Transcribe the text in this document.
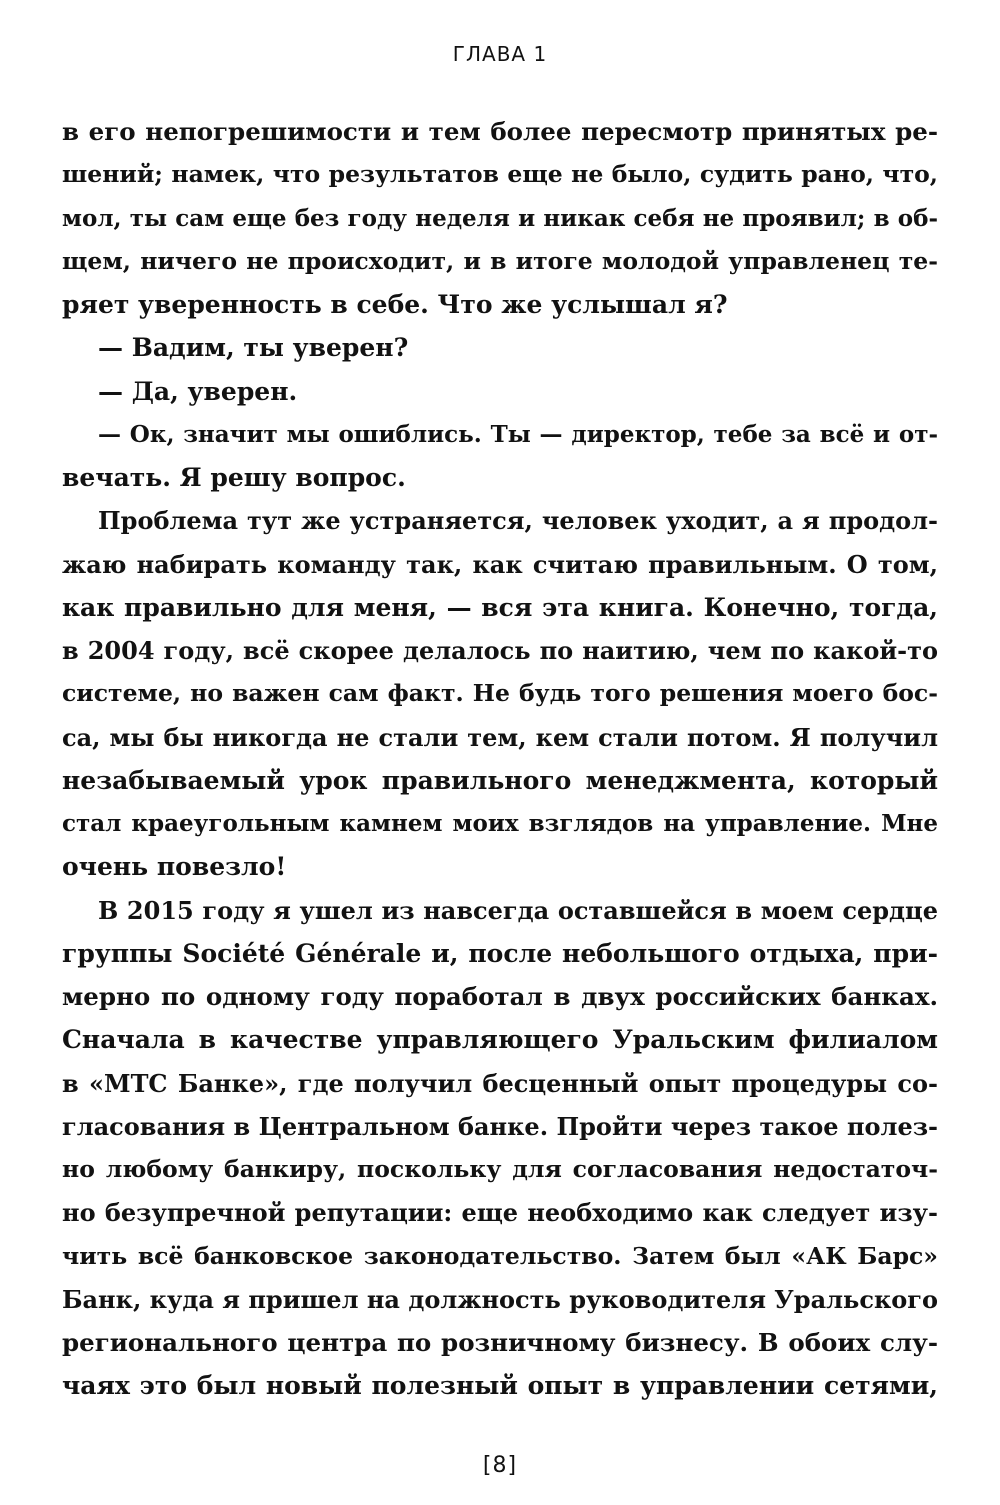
ГЛАВА 1
в его непогрешимости и тем более пересмотр принятых ре-
шений; намек, что результатов еще не было, судить рано, что,
мол, ты сам еще без году неделя и никак себя не проявил; в об-
щем, ничего не происходит, и в итоге молодой управленец те-
ряет уверенность в себе. Что же услышал я?
— Вадим, ты уверен?
— Да, уверен.
— Ок, значит мы ошиблись. Ты — директор, тебе за всё и от-
вечать. Я решу вопрос.
Проблема тут же устраняется, человек уходит, а я продол-
жаю набирать команду так, как считаю правильным. О том,
как правильно для меня, — вся эта книга. Конечно, тогда,
в 2004 году, всё скорее делалось по наитию, чем по какой-то
системе, но важен сам факт. Не будь того решения моего бос-
са, мы бы никогда не стали тем, кем стали потом. Я получил
незабываемый урок правильного менеджмента, который
стал краеугольным камнем моих взглядов на управление. Мне
очень повезло!
В 2015 году я ушел из навсегда оставшейся в моем сердце
группы Société Générale и, после небольшого отдыха, при-
мерно по одному году поработал в двух российских банках.
Сначала в качестве управляющего Уральским филиалом
в «МТС Банке», где получил бесценный опыт процедуры со-
гласования в Центральном банке. Пройти через такое полез-
но любому банкиру, поскольку для согласования недостаточ-
но безупречной репутации: еще необходимо как следует изу-
чить всё банковское законодательство. Затем был «АК Барс»
Банк, куда я пришел на должность руководителя Уральского
регионального центра по розничному бизнесу. В обоих слу-
чаях это был новый полезный опыт в управлении сетями,
[8]
